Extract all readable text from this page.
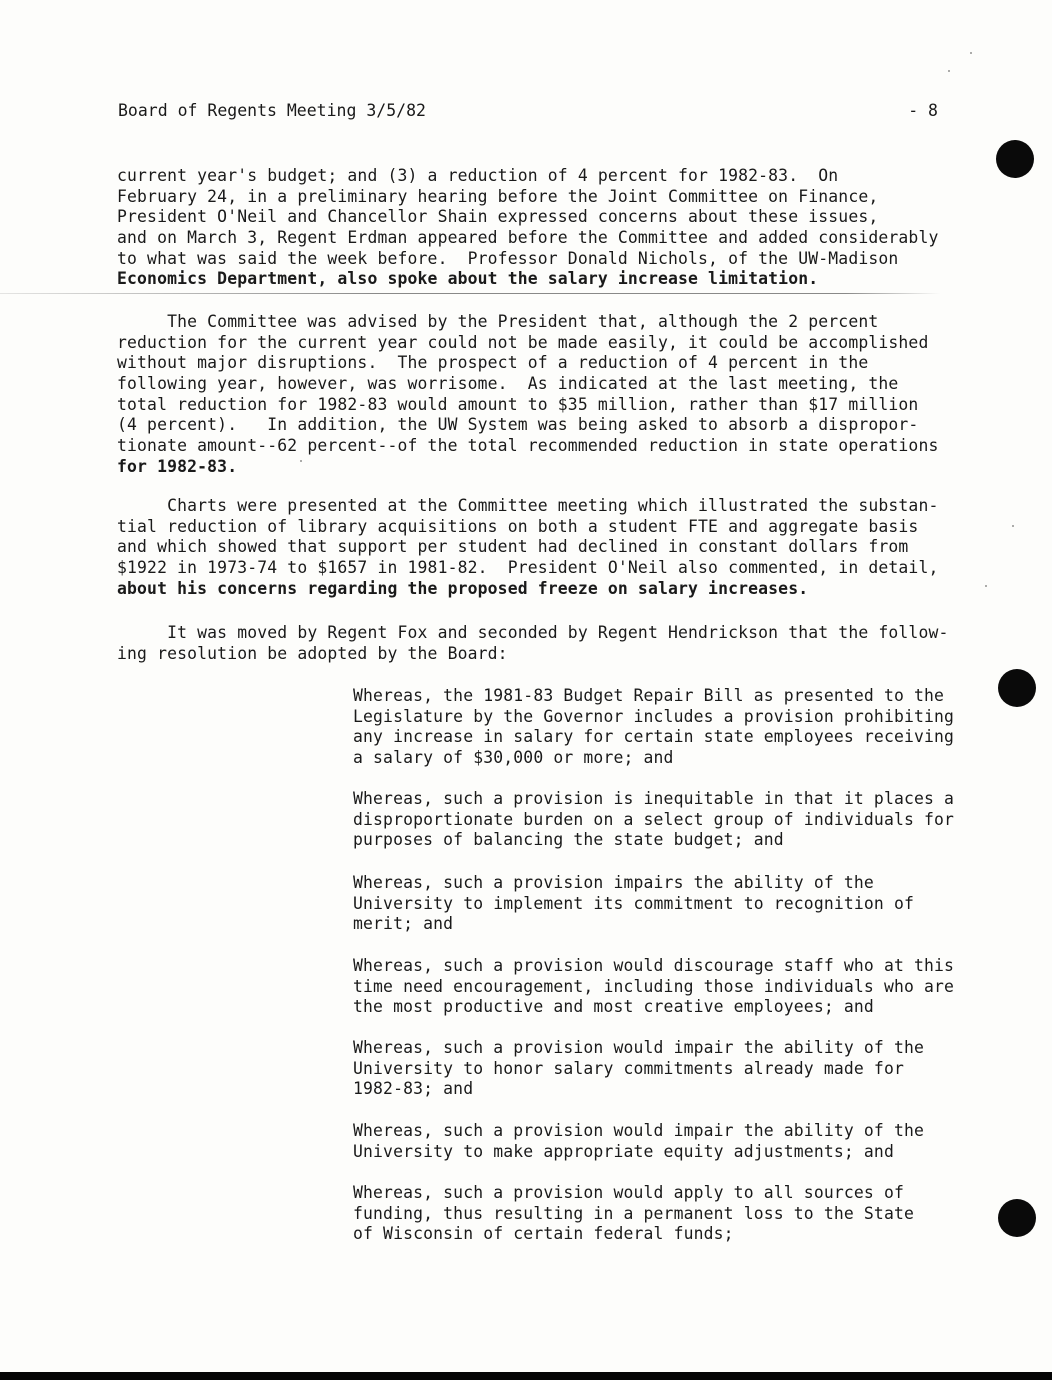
Board of Regents Meeting 3/5/82	- 8
current year's budget; and (3) a reduction of 4 percent for 1982-83.  On
February 24, in a preliminary hearing before the Joint Committee on Finance,
President O'Neil and Chancellor Shain expressed concerns about these issues,
and on March 3, Regent Erdman appeared before the Committee and added considerably
to what was said the week before.  Professor Donald Nichols, of the UW-Madison
Economics Department, also spoke about the salary increase limitation.
The Committee was advised by the President that, although the 2 percent
reduction for the current year could not be made easily, it could be accomplished
without major disruptions.  The prospect of a reduction of 4 percent in the
following year, however, was worrisome.  As indicated at the last meeting, the
total reduction for 1982-83 would amount to $35 million, rather than $17 million
(4 percent).   In addition, the UW System was being asked to absorb a dispropor-
tionate amount--62 percent--of the total recommended reduction in state operations
for 1982-83.
Charts were presented at the Committee meeting which illustrated the substan-
tial reduction of library acquisitions on both a student FTE and aggregate basis
and which showed that support per student had declined in constant dollars from
$1922 in 1973-74 to $1657 in 1981-82.  President O'Neil also commented, in detail,
about his concerns regarding the proposed freeze on salary increases.
It was moved by Regent Fox and seconded by Regent Hendrickson that the follow-
ing resolution be adopted by the Board:
Whereas, the 1981-83 Budget Repair Bill as presented to the
Legislature by the Governor includes a provision prohibiting
any increase in salary for certain state employees receiving
a salary of $30,000 or more; and
Whereas, such a provision is inequitable in that it places a
disproportionate burden on a select group of individuals for
purposes of balancing the state budget; and
Whereas, such a provision impairs the ability of the
University to implement its commitment to recognition of
merit; and
Whereas, such a provision would discourage staff who at this
time need encouragement, including those individuals who are
the most productive and most creative employees; and
Whereas, such a provision would impair the ability of the
University to honor salary commitments already made for
1982-83; and
Whereas, such a provision would impair the ability of the
University to make appropriate equity adjustments; and
Whereas, such a provision would apply to all sources of
funding, thus resulting in a permanent loss to the State
of Wisconsin of certain federal funds;
